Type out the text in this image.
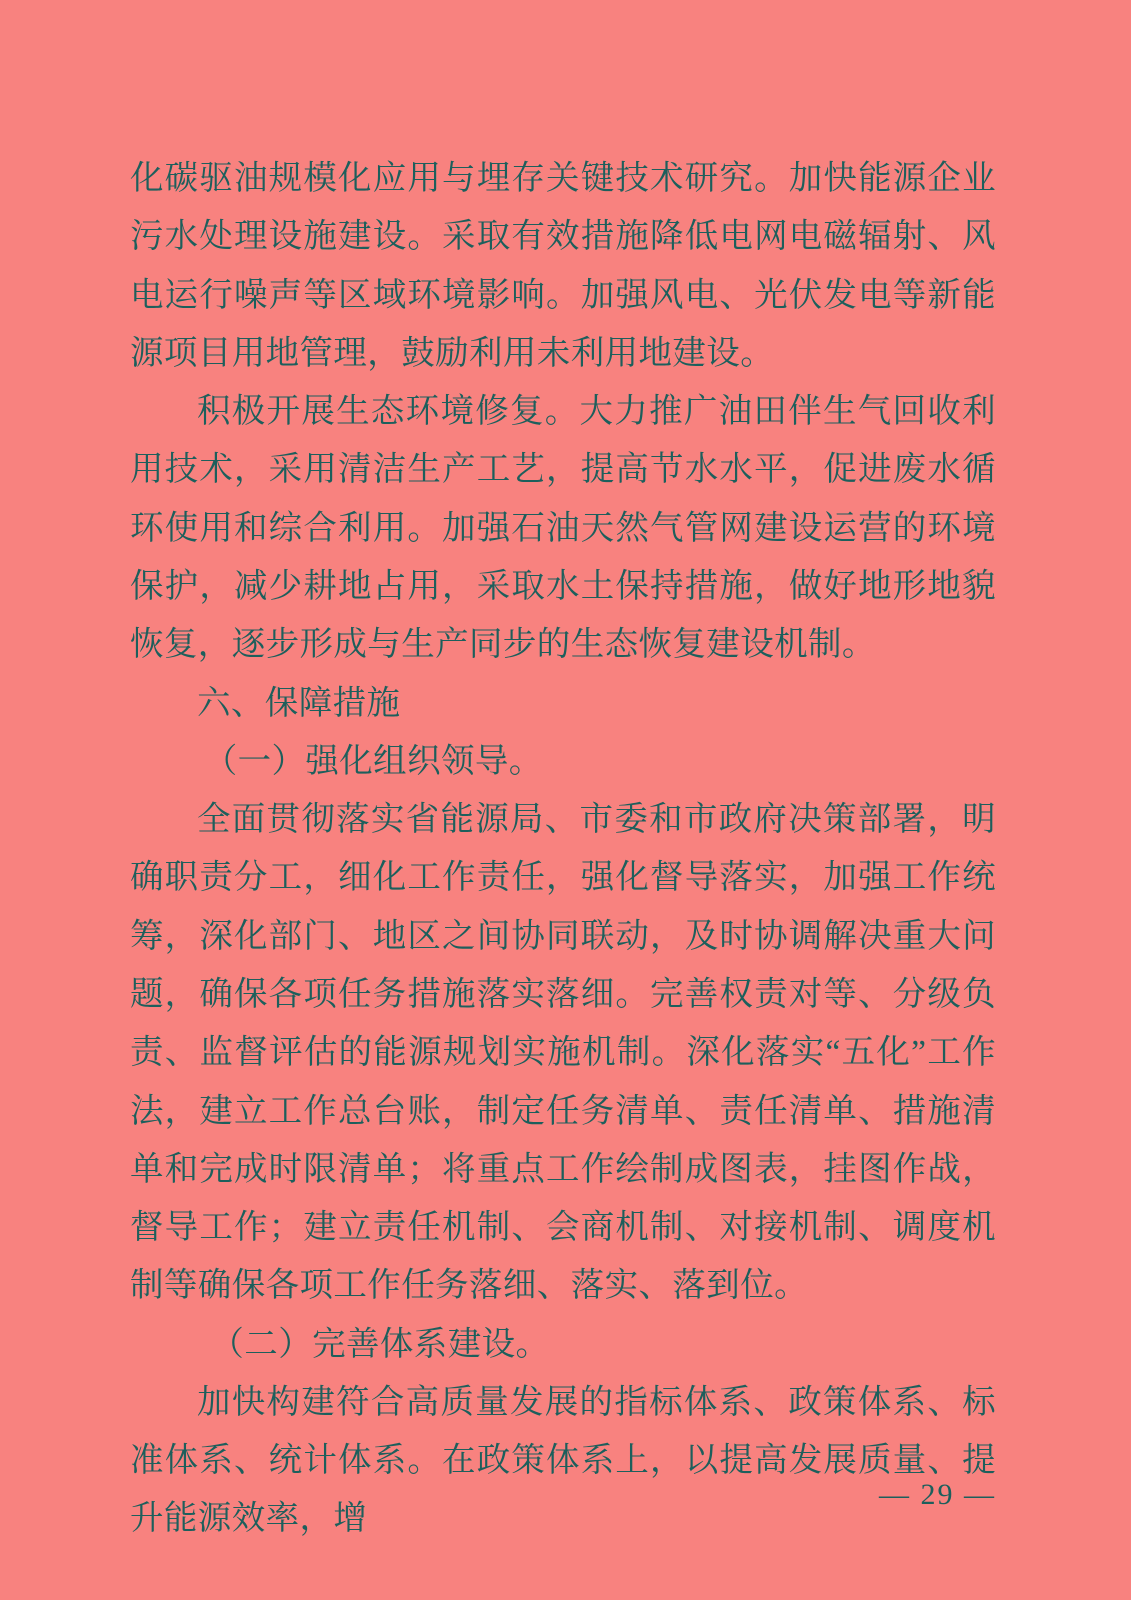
化碳驱油规模化应用与埋存关键技术研究。加快能源企业污水处理设施建设。采取有效措施降低电网电磁辐射、风电运行噪声等区域环境影响。加强风电、光伏发电等新能源项目用地管理，鼓励利用未利用地建设。

积极开展生态环境修复。大力推广油田伴生气回收利用技术，采用清洁生产工艺，提高节水水平，促进废水循环使用和综合利用。加强石油天然气管网建设运营的环境保护，减少耕地占用，采取水土保持措施，做好地形地貌恢复，逐步形成与生产同步的生态恢复建设机制。

六、保障措施

（一）强化组织领导。

全面贯彻落实省能源局、市委和市政府决策部署，明确职责分工，细化工作责任，强化督导落实，加强工作统筹，深化部门、地区之间协同联动，及时协调解决重大问题，确保各项任务措施落实落细。完善权责对等、分级负责、监督评估的能源规划实施机制。深化落实“五化”工作法，建立工作总台账，制定任务清单、责任清单、措施清单和完成时限清单；将重点工作绘制成图表，挂图作战，督导工作；建立责任机制、会商机制、对接机制、调度机制等确保各项工作任务落细、落实、落到位。

（二）完善体系建设。

加快构建符合高质量发展的指标体系、政策体系、标准体系、统计体系。在政策体系上，以提高发展质量、提升能源效率，增

— 29 —
